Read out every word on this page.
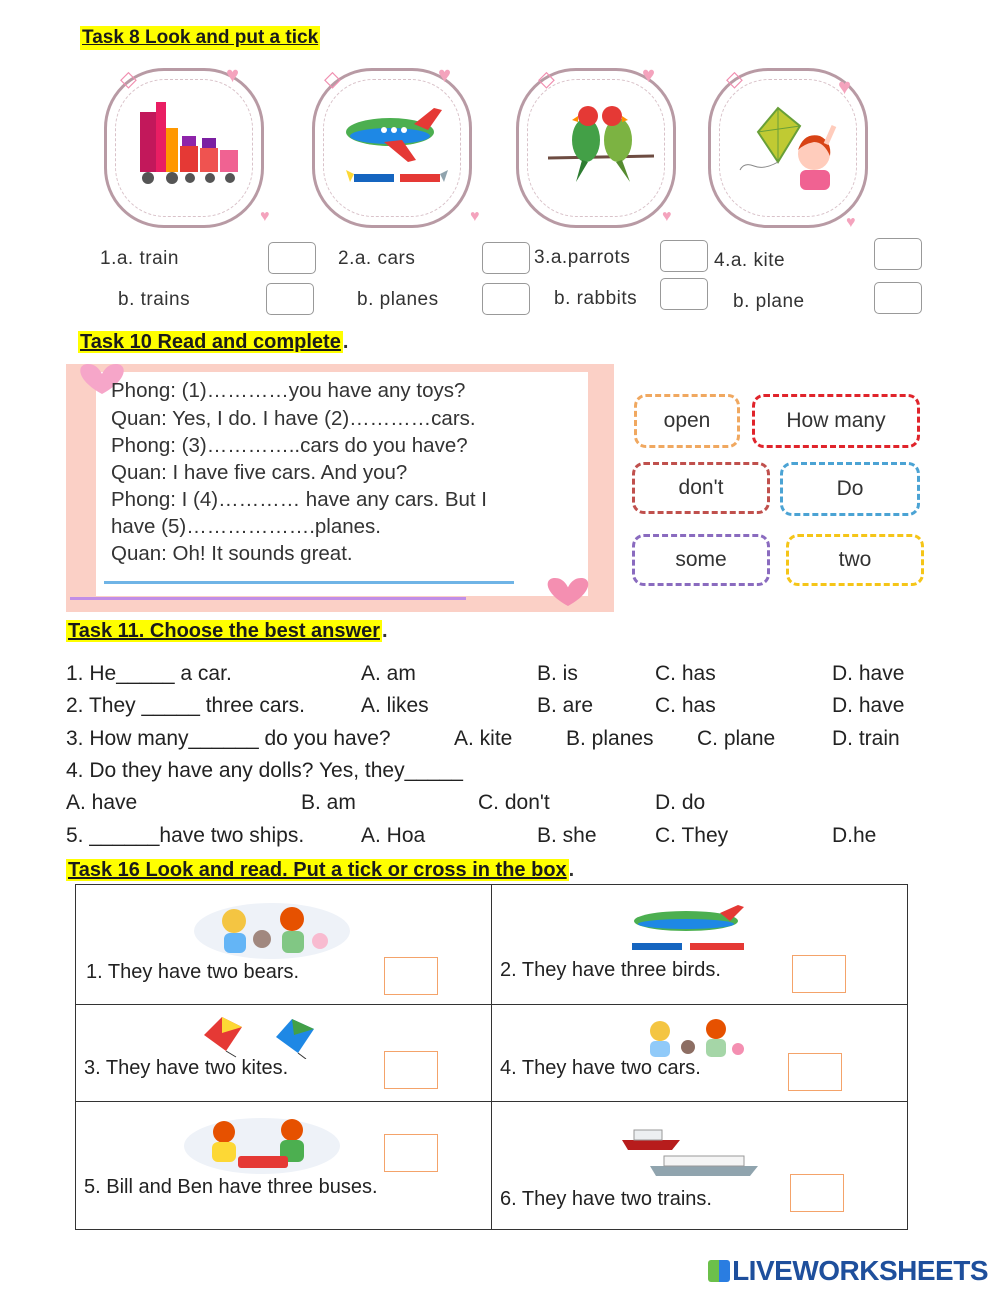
Task 8 Look and put a tick
♥	♥	♥	♥
◇	◇	◇	◇
♥	♥	♥	♥
1.a. train
b. trains
2.a. cars
b. planes
3.a.parrots
b. rabbits
4.a. kite
b. plane
Task 10 Read and complete .
Phong: (1)…………you have any toys?
Quan: Yes, I do. I have (2)…………cars.
Phong: (3)…………..cars do you have?
Quan: I have five cars. And you?
Phong: I (4)………… have any cars. But I
have (5)……………….planes.
Quan: Oh! It sounds great.
open	How many
don't	Do
some	two
Task 11. Choose the best answer .
1. He_____ a car.	A. am	B. is	C. has	D. have
2. They _____ three cars.	A. likes	B. are	C. has	D. have
3. How many______ do you have?	A. kite	B. planes C. plane	D. train
4. Do they have any dolls? Yes, they_____
A. have	B. am	C. don't	D. do
5. ______have two ships.	A. Hoa	B. she	C. They	D.he
Task 16 Look and read. Put a tick or cross in the box .
1. They have two bears.	2. They have three birds.

3. They have two kites.	4. They have two cars.

5. Bill and Ben have three buses.	6. They have two trains.
LIVEWORKSHEETS
